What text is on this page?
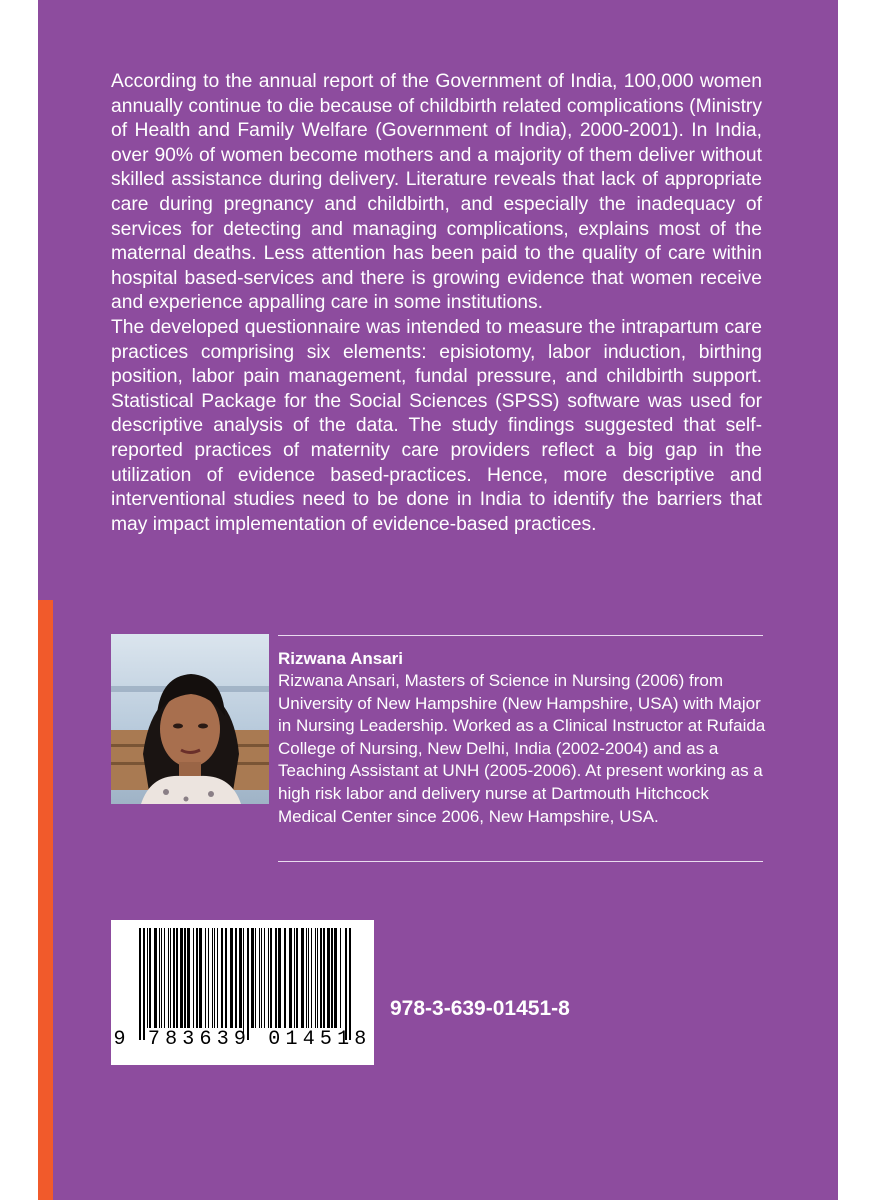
According to the annual report of the Government of India, 100,000 women annually continue to die because of childbirth related complications (Ministry of Health and Family Welfare (Government of India), 2000-2001). In India, over 90% of women become mothers and a majority of them deliver without skilled assistance during delivery. Literature reveals that lack of appropriate care during pregnancy and childbirth, and especially the inadequacy of services for detecting and managing complications, explains most of the maternal deaths. Less attention has been paid to the quality of care within hospital based-services and there is growing evidence that women receive and experience appalling care in some institutions.

The developed questionnaire was intended to measure the intrapartum care practices comprising six elements: episiotomy, labor induction, birthing position, labor pain management, fundal pressure, and childbirth support. Statistical Package for the Social Sciences (SPSS) software was used for descriptive analysis of the data. The study findings suggested that self-reported practices of maternity care providers reflect a big gap in the utilization of evidence based-practices. Hence, more descriptive and interventional studies need to be done in India to identify the barriers that may impact implementation of evidence-based practices.

Rizwana Ansari

Rizwana Ansari, Masters of Science in Nursing (2006) from University of New Hampshire (New Hampshire, USA) with Major in Nursing Leadership. Worked as a Clinical Instructor at Rufaida College of Nursing, New Delhi, India (2002-2004) and as a Teaching Assistant at UNH (2005-2006). At present working as a high risk labor and delivery nurse at Dartmouth Hitchcock Medical Center since 2006, New Hampshire, USA.

9 783639 014518
978-3-639-01451-8
